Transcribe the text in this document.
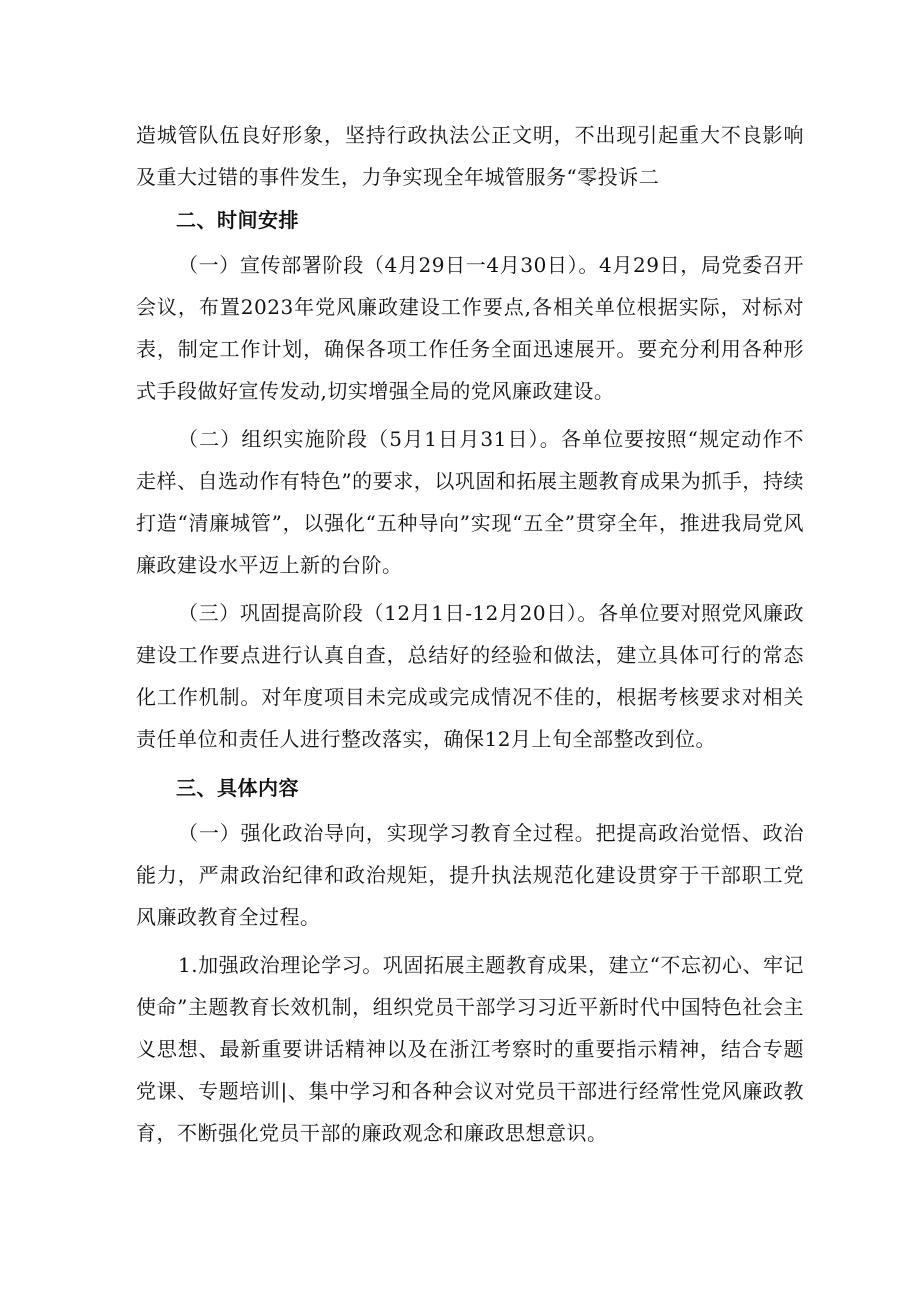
造城管队伍良好形象，坚持行政执法公正文明，不出现引起重大不良影响及重大过错的事件发生，力争实现全年城管服务“零投诉二

二、时间安排

（一）宣传部署阶段（4月29日一4月30日）。4月29日，局党委召开会议，布置2023年党风廉政建设工作要点,各相关单位根据实际，对标对表，制定工作计划，确保各项工作任务全面迅速展开。要充分利用各种形式手段做好宣传发动,切实增强全局的党风廉政建设。

（二）组织实施阶段（5月1日月31日）。各单位要按照“规定动作不走样、自选动作有特色”的要求，以巩固和拓展主题教育成果为抓手，持续打造“清廉城管”，以强化“五种导向”实现“五全”贯穿全年，推进我局党风廉政建设水平迈上新的台阶。

（三）巩固提高阶段（12月1日-12月20日）。各单位要对照党风廉政建设工作要点进行认真自查，总结好的经验和做法，建立具体可行的常态化工作机制。对年度项目未完成或完成情况不佳的，根据考核要求对相关责任单位和责任人进行整改落实，确保12月上旬全部整改到位。

三、具体内容

（一）强化政治导向，实现学习教育全过程。把提高政治觉悟、政治能力，严肃政治纪律和政治规矩，提升执法规范化建设贯穿于干部职工党风廉政教育全过程。

1.加强政治理论学习。巩固拓展主题教育成果，建立“不忘初心、牢记使命”主题教育长效机制，组织党员干部学习习近平新时代中国特色社会主义思想、最新重要讲话精神以及在浙江考察时的重要指示精神，结合专题党课、专题培训|、集中学习和各种会议对党员干部进行经常性党风廉政教育，不断强化党员干部的廉政观念和廉政思想意识。
